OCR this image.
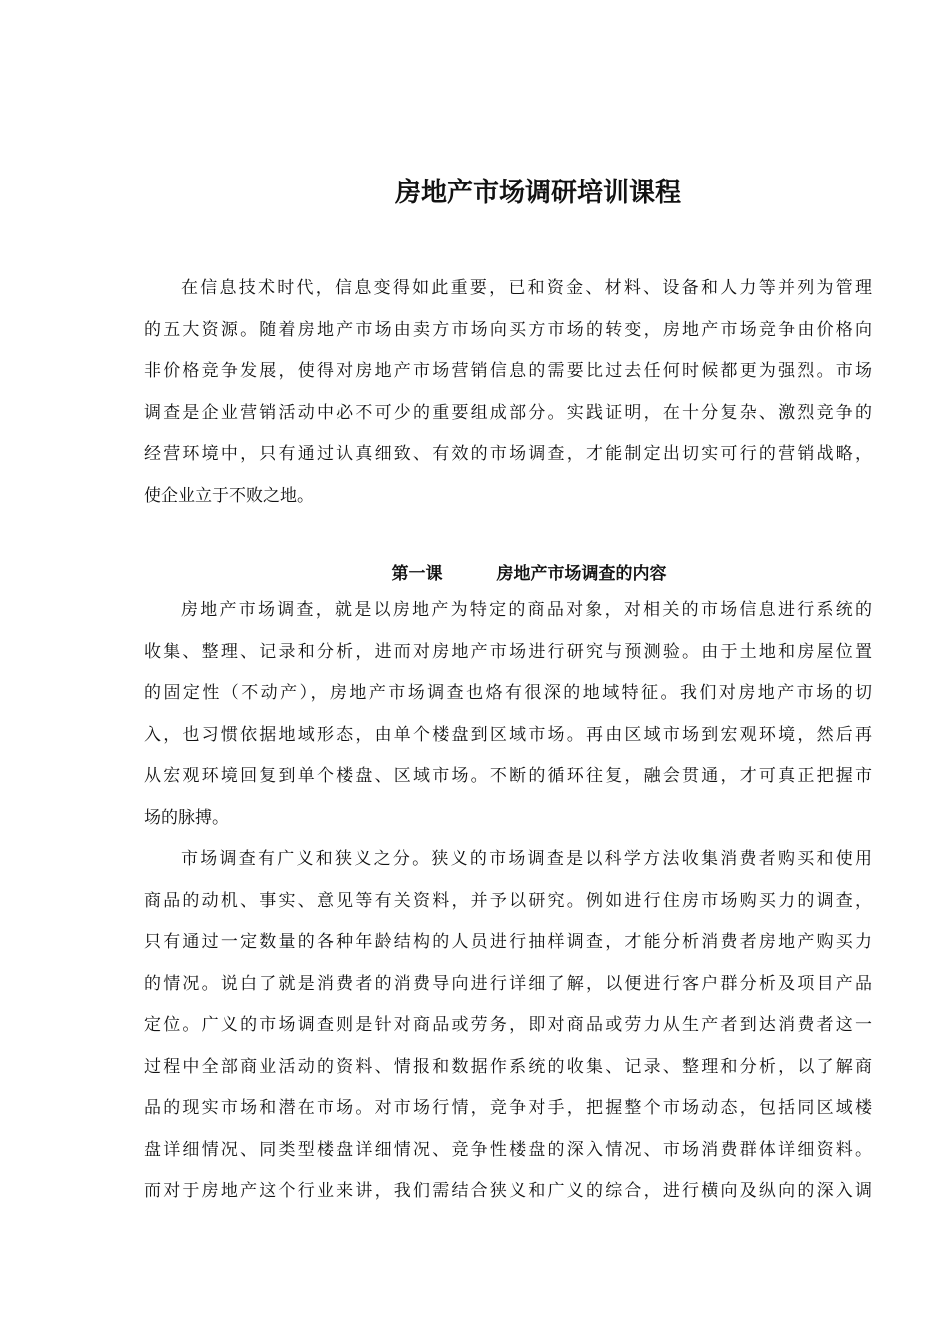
房地产市场调研培训课程
在信息技术时代，信息变得如此重要，已和资金、材料、设备和人力等并列为管理
的五大资源。随着房地产市场由卖方市场向买方市场的转变，房地产市场竞争由价格向
非价格竞争发展，使得对房地产市场营销信息的需要比过去任何时候都更为强烈。市场
调查是企业营销活动中必不可少的重要组成部分。实践证明，在十分复杂、激烈竞争的
经营环境中，只有通过认真细致、有效的市场调查，才能制定出切实可行的营销战略，
使企业立于不败之地。
第一课	房地产市场调查的内容
房地产市场调查，就是以房地产为特定的商品对象，对相关的市场信息进行系统的
收集、整理、记录和分析，进而对房地产市场进行研究与预测验。由于土地和房屋位置
的固定性（不动产），房地产市场调查也烙有很深的地域特征。我们对房地产市场的切
入，也习惯依据地域形态，由单个楼盘到区域市场。再由区域市场到宏观环境，然后再
从宏观环境回复到单个楼盘、区域市场。不断的循环往复，融会贯通，才可真正把握市
场的脉搏。
市场调查有广义和狭义之分。狭义的市场调查是以科学方法收集消费者购买和使用
商品的动机、事实、意见等有关资料，并予以研究。例如进行住房市场购买力的调查，
只有通过一定数量的各种年龄结构的人员进行抽样调查，才能分析消费者房地产购买力
的情况。说白了就是消费者的消费导向进行详细了解，以便进行客户群分析及项目产品
定位。广义的市场调查则是针对商品或劳务，即对商品或劳力从生产者到达消费者这一
过程中全部商业活动的资料、情报和数据作系统的收集、记录、整理和分析，以了解商
品的现实市场和潜在市场。对市场行情，竞争对手，把握整个市场动态，包括同区域楼
盘详细情况、同类型楼盘详细情况、竞争性楼盘的深入情况、市场消费群体详细资料。
而对于房地产这个行业来讲，我们需结合狭义和广义的综合，进行横向及纵向的深入调
